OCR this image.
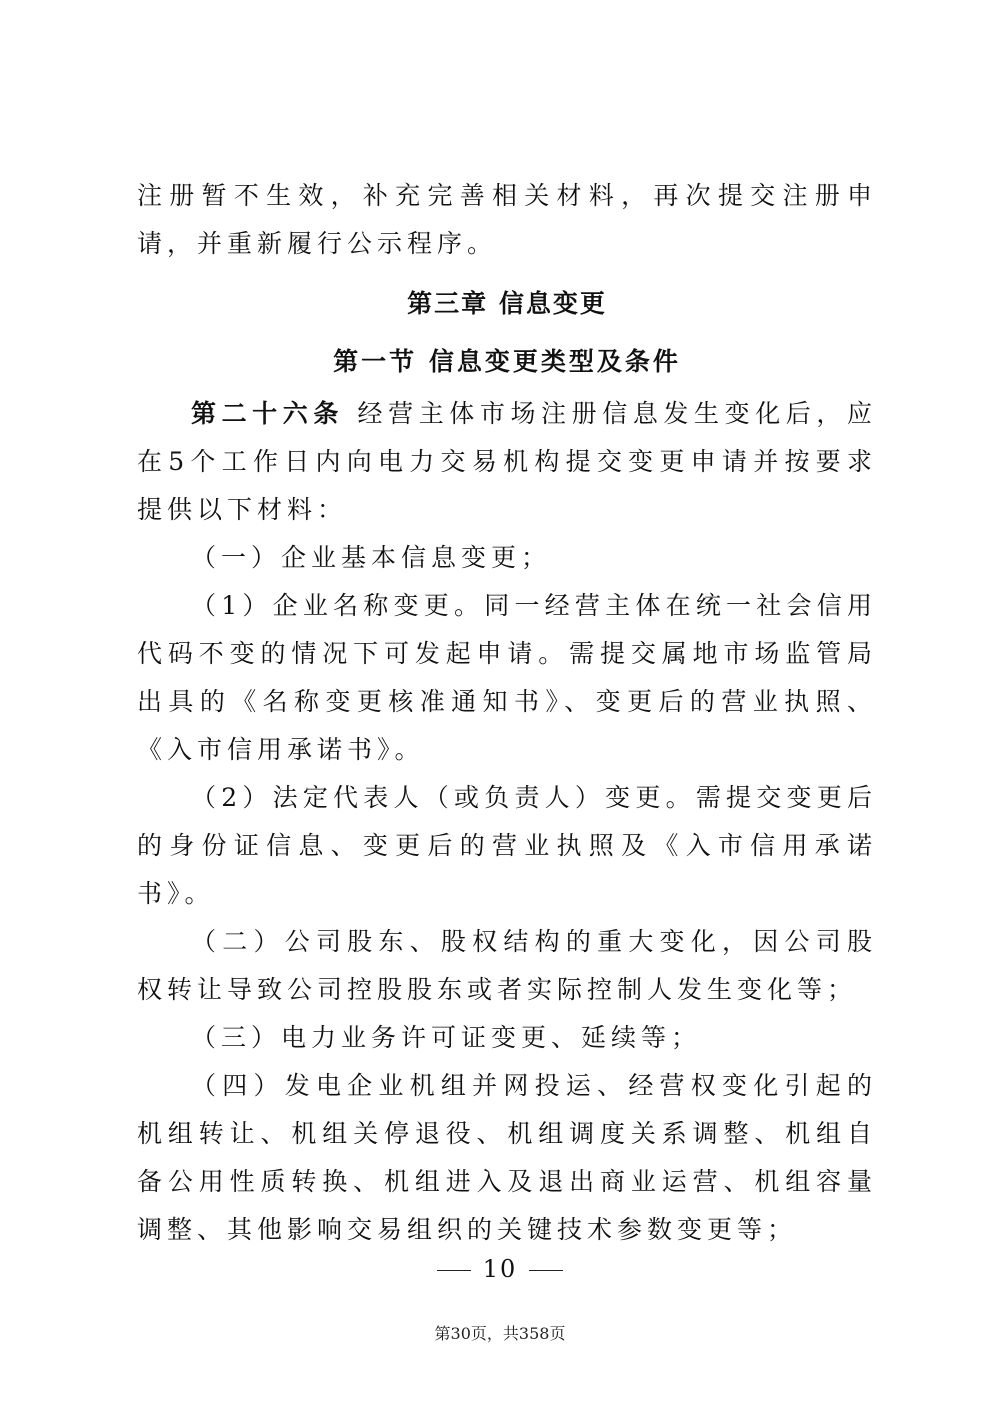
注册暂不生效，补充完善相关材料，再次提交注册申请，并重新履行公示程序。

第三章 信息变更

第一节 信息变更类型及条件

第二十六条 经营主体市场注册信息发生变化后，应在5个工作日内向电力交易机构提交变更申请并按要求提供以下材料：

（一）企业基本信息变更；

（1）企业名称变更。同一经营主体在统一社会信用代码不变的情况下可发起申请。需提交属地市场监管局出具的《名称变更核准通知书》、变更后的营业执照、《入市信用承诺书》。

（2）法定代表人（或负责人）变更。需提交变更后的身份证信息、变更后的营业执照及《入市信用承诺书》。

（二）公司股东、股权结构的重大变化，因公司股权转让导致公司控股股东或者实际控制人发生变化等；

（三）电力业务许可证变更、延续等；

（四）发电企业机组并网投运、经营权变化引起的机组转让、机组关停退役、机组调度关系调整、机组自备公用性质转换、机组进入及退出商业运营、机组容量调整、其他影响交易组织的关键技术参数变更等；

10
第30页，共358页
